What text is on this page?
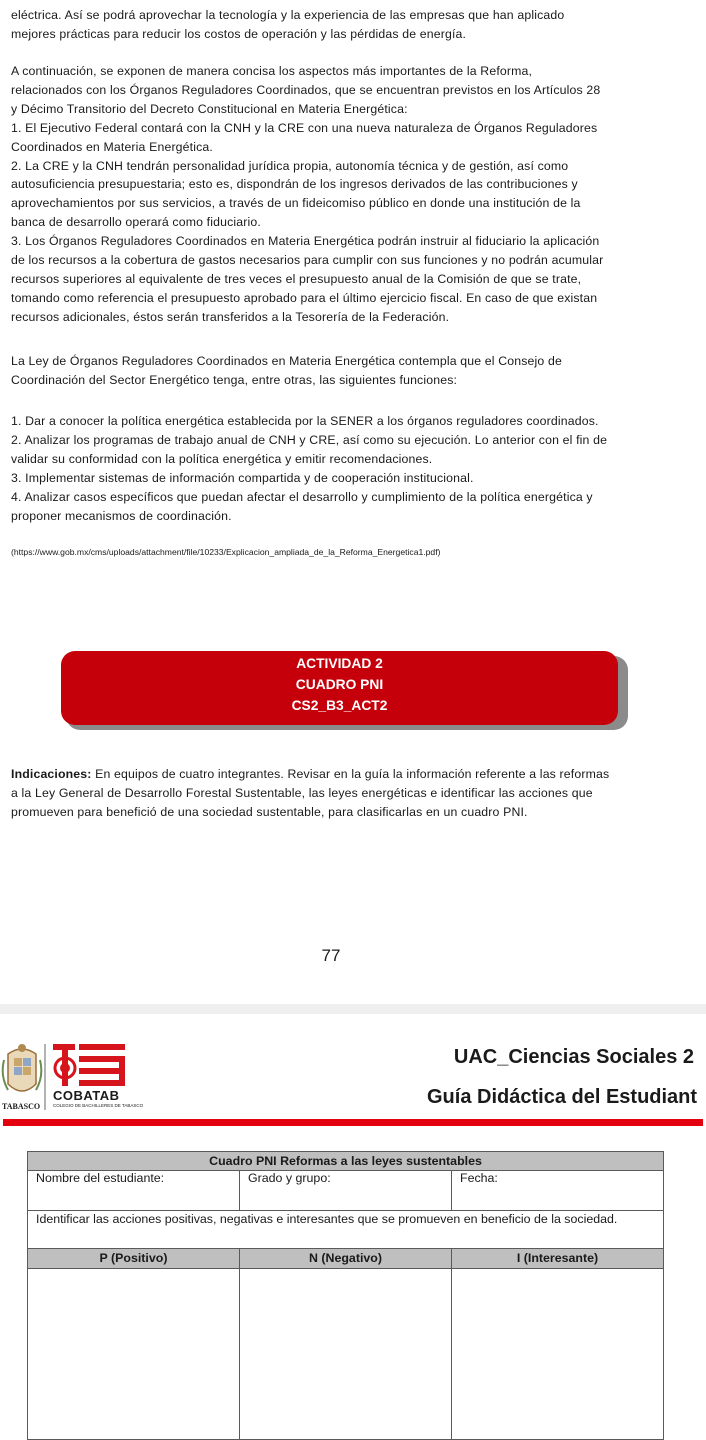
eléctrica. Así se podrá aprovechar la tecnología y la experiencia de las empresas que han aplicado
mejores prácticas para reducir los costos de operación y las pérdidas de energía.
A continuación, se exponen de manera concisa los aspectos más importantes de la Reforma,
relacionados con los Órganos Reguladores Coordinados, que se encuentran previstos en los Artículos 28
y Décimo Transitorio del Decreto Constitucional en Materia Energética:
1. El Ejecutivo Federal contará con la CNH y la CRE con una nueva naturaleza de Órganos Reguladores
Coordinados en Materia Energética.
2. La CRE y la CNH tendrán personalidad jurídica propia, autonomía técnica y de gestión, así como
autosuficiencia presupuestaria; esto es, dispondrán de los ingresos derivados de las contribuciones y
aprovechamientos por sus servicios, a través de un fideicomiso público en donde una institución de la
banca de desarrollo operará como fiduciario.
3. Los Órganos Reguladores Coordinados en Materia Energética podrán instruir al fiduciario la aplicación
de los recursos a la cobertura de gastos necesarios para cumplir con sus funciones y no podrán acumular
recursos superiores al equivalente de tres veces el presupuesto anual de la Comisión de que se trate,
tomando como referencia el presupuesto aprobado para el último ejercicio fiscal. En caso de que existan
recursos adicionales, éstos serán transferidos a la Tesorería de la Federación.
La Ley de Órganos Reguladores Coordinados en Materia Energética contempla que el Consejo de
Coordinación del Sector Energético tenga, entre otras, las siguientes funciones:
1. Dar a conocer la política energética establecida por la SENER a los órganos reguladores coordinados.
2. Analizar los programas de trabajo anual de CNH y CRE, así como su ejecución. Lo anterior con el fin de
validar su conformidad con la política energética y emitir recomendaciones.
3. Implementar sistemas de información compartida y de cooperación institucional.
4. Analizar casos específicos que puedan afectar el desarrollo y cumplimiento de la política energética y
proponer mecanismos de coordinación.

(https://www.gob.mx/cms/uploads/attachment/file/10233/Explicacion_ampliada_de_la_Reforma_Energetica1.pdf)

ACTIVIDAD 2
CUADRO PNI
CS2_B3_ACT2
Indicaciones: En equipos de cuatro integrantes. Revisar en la guía la información referente a las reformas
a la Ley General de Desarrollo Forestal Sustentable, las leyes energéticas e identificar las acciones que
promueven para benefició de una sociedad sustentable, para clasificarlas en un cuadro PNI.
77
TABASCO
COBATAB
COLEGIO DE BACHILLERES DE TABASCO
UAC_Ciencias Sociales 2
Guía Didáctica del Estudiant
Cuadro PNI Reformas a las leyes sustentables		
Nombre del estudiante:	Grado y grupo:	Fecha:
Identificar las acciones positivas, negativas e interesantes que se promueven en beneficio de la sociedad.		
P (Positivo)	N (Negativo)	I (Interesante)
